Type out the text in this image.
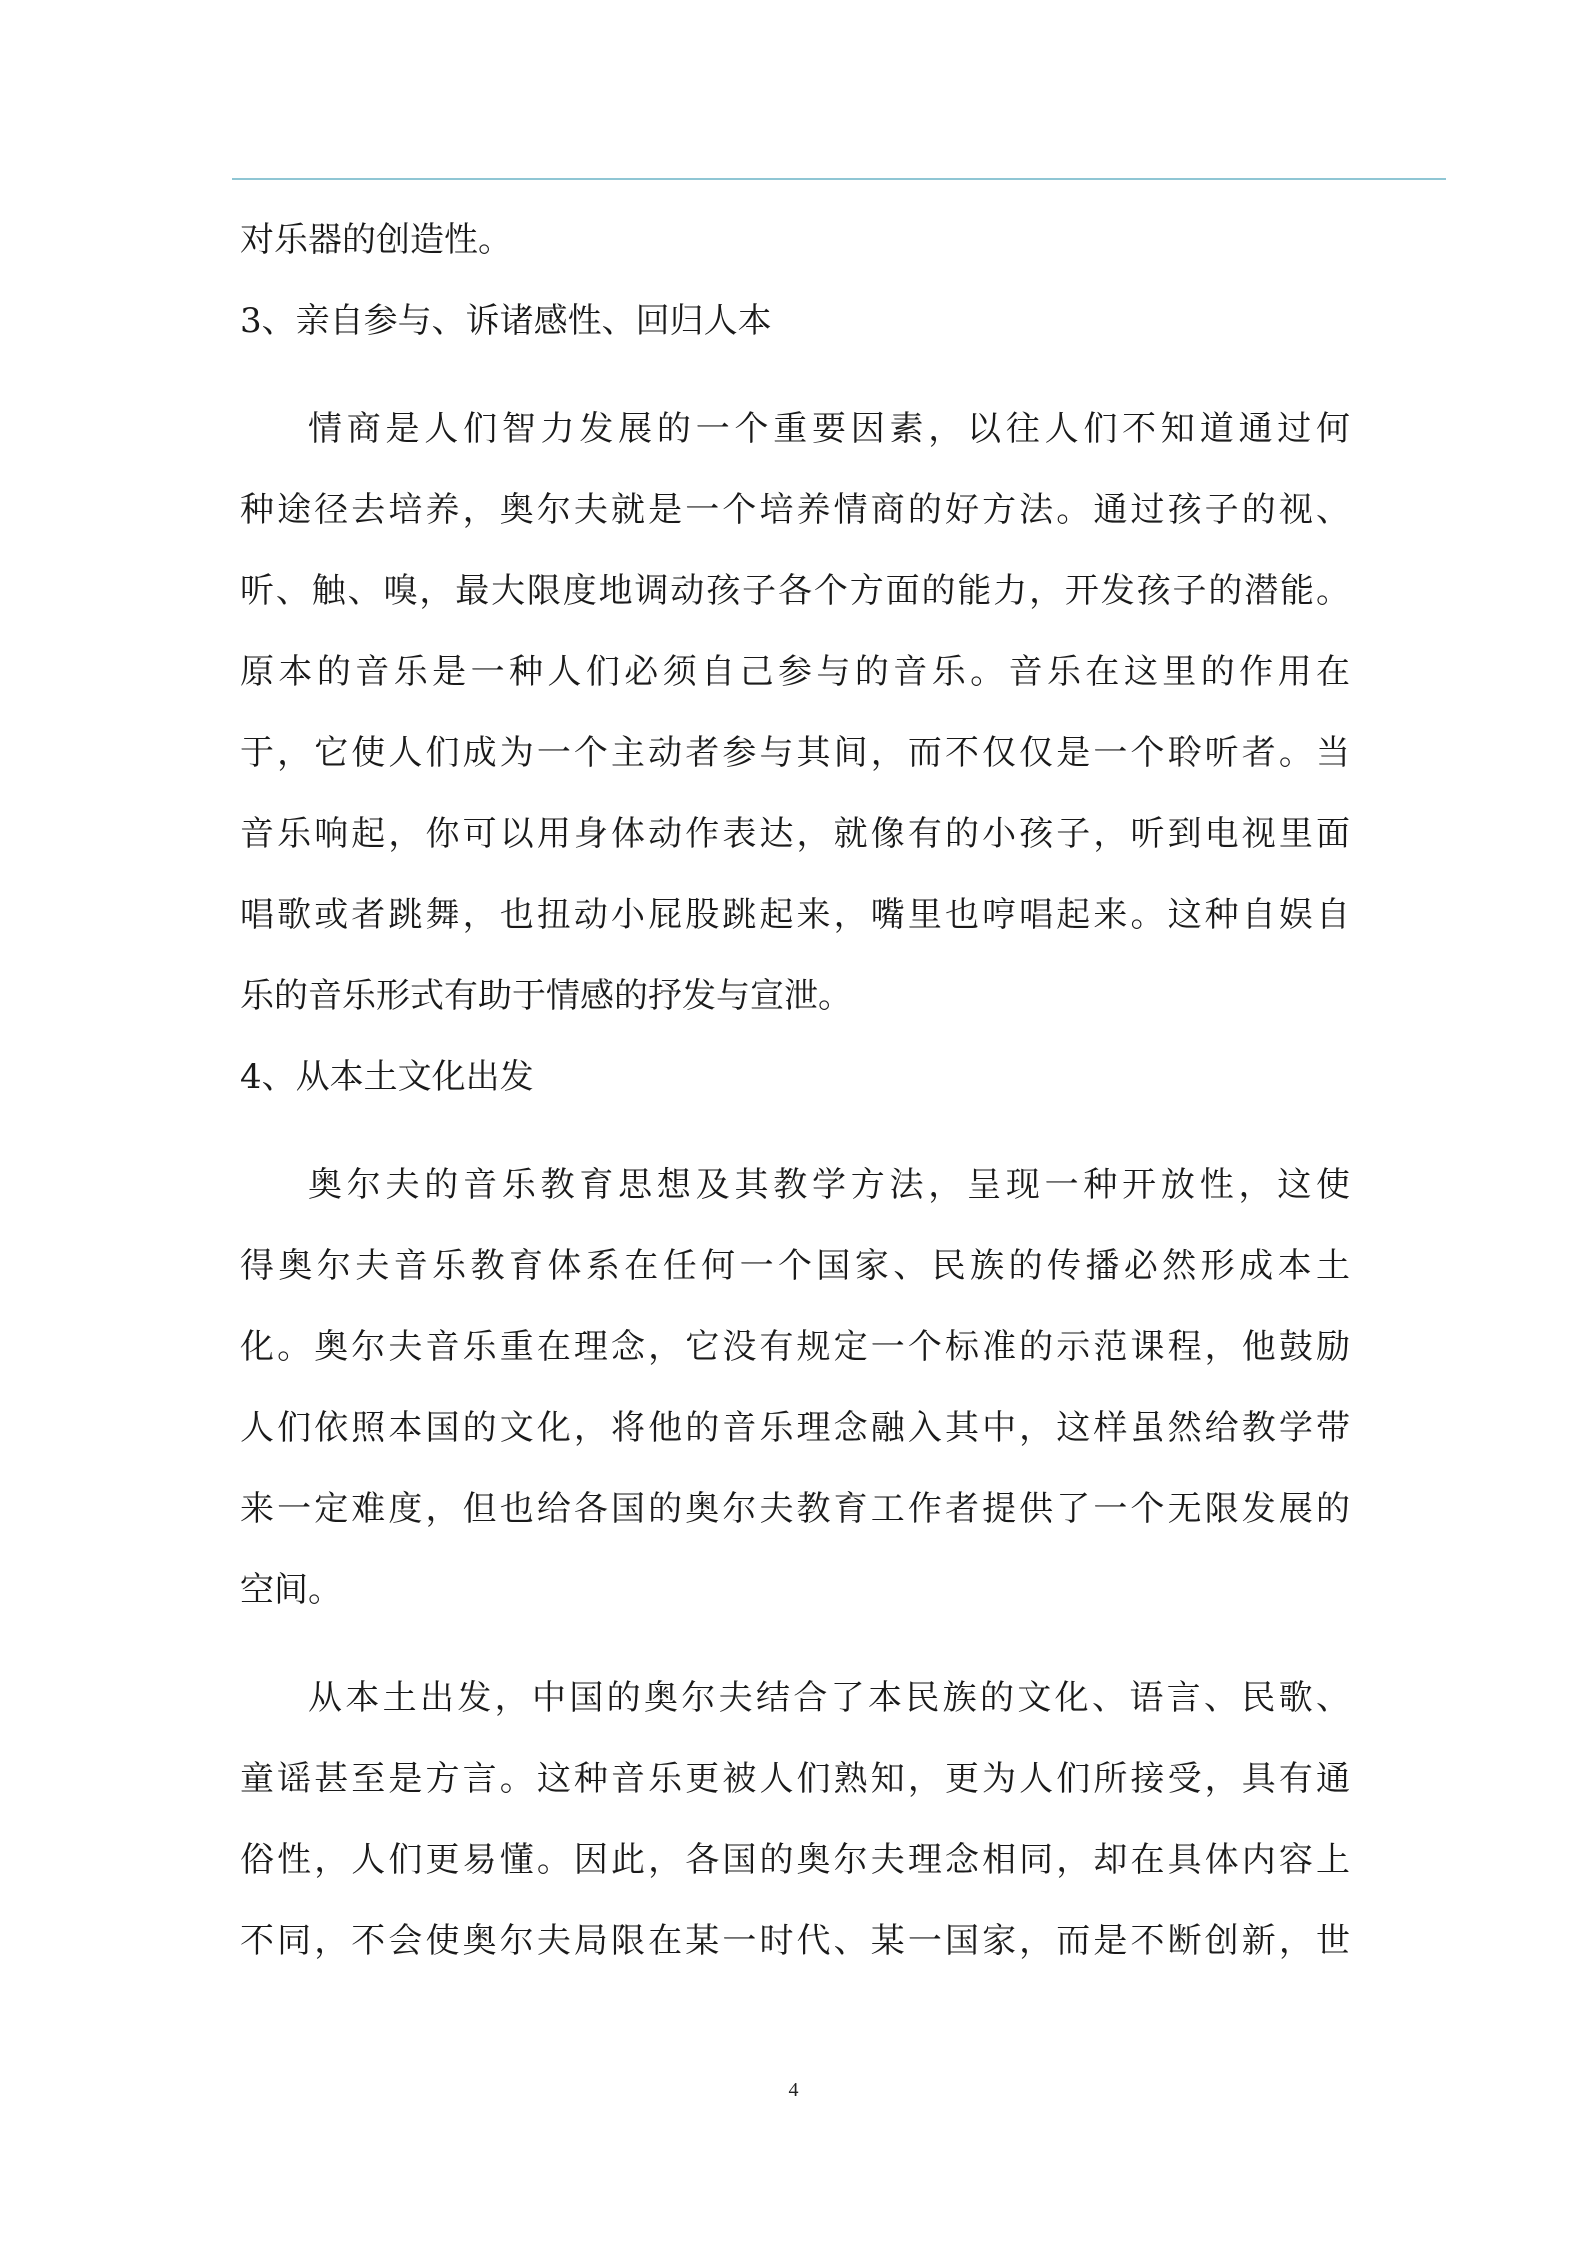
对乐器的创造性。
3、亲自参与、诉诸感性、回归人本
情商是人们智力发展的一个重要因素，以往人们不知道通过何
种途径去培养，奥尔夫就是一个培养情商的好方法。通过孩子的视、
听、触、嗅，最大限度地调动孩子各个方面的能力，开发孩子的潜能。
原本的音乐是一种人们必须自己参与的音乐。音乐在这里的作用在
于，它使人们成为一个主动者参与其间，而不仅仅是一个聆听者。当
音乐响起，你可以用身体动作表达，就像有的小孩子，听到电视里面
唱歌或者跳舞，也扭动小屁股跳起来，嘴里也哼唱起来。这种自娱自
乐的音乐形式有助于情感的抒发与宣泄。
4、从本土文化出发
奥尔夫的音乐教育思想及其教学方法，呈现一种开放性，这使
得奥尔夫音乐教育体系在任何一个国家、民族的传播必然形成本土
化。奥尔夫音乐重在理念，它没有规定一个标准的示范课程，他鼓励
人们依照本国的文化，将他的音乐理念融入其中，这样虽然给教学带
来一定难度，但也给各国的奥尔夫教育工作者提供了一个无限发展的
空间。
从本土出发，中国的奥尔夫结合了本民族的文化、语言、民歌、
童谣甚至是方言。这种音乐更被人们熟知，更为人们所接受，具有通
俗性，人们更易懂。因此，各国的奥尔夫理念相同，却在具体内容上
不同，不会使奥尔夫局限在某一时代、某一国家，而是不断创新，世
4
